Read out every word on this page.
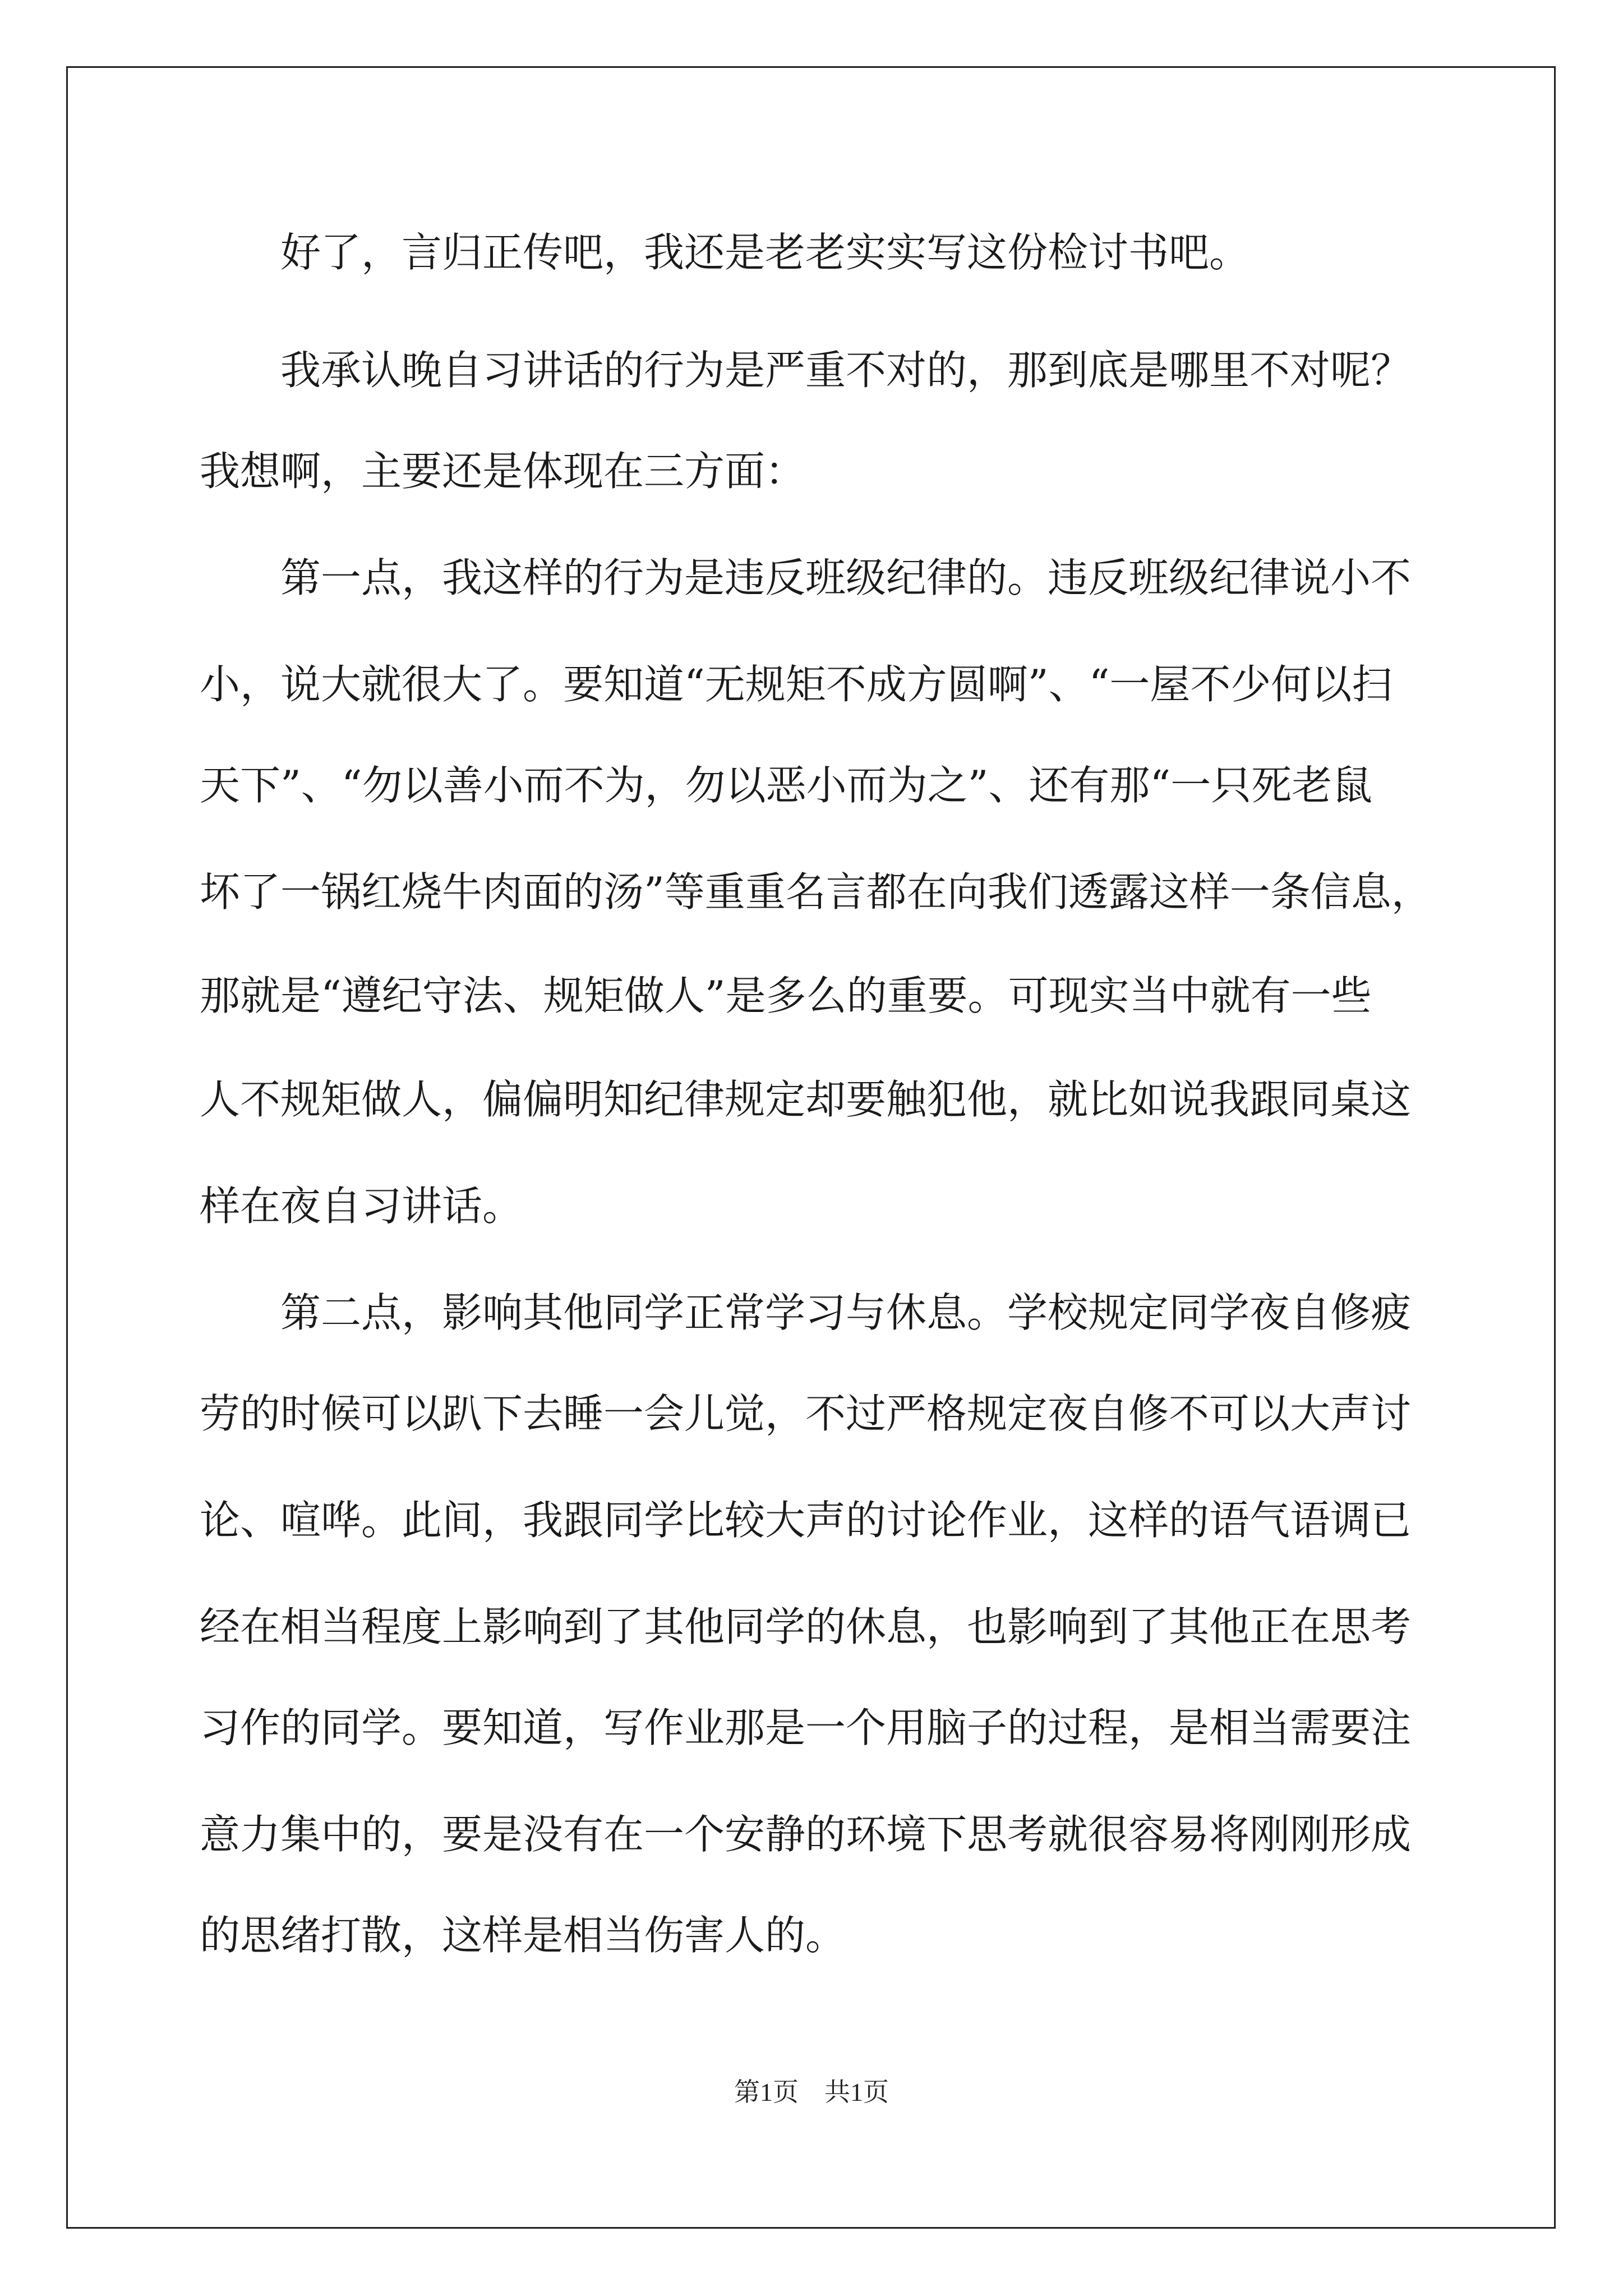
好了，言归正传吧，我还是老老实实写这份检讨书吧。
我承认晚自习讲话的行为是严重不对的，那到底是哪里不对呢？
我想啊，主要还是体现在三方面：
第一点，我这样的行为是违反班级纪律的。违反班级纪律说小不
小，说大就很大了。要知道“无规矩不成方圆啊”、“一屋不少何以扫
天下”、“勿以善小而不为，勿以恶小而为之”、还有那“一只死老鼠
坏了一锅红烧牛肉面的汤”等重重名言都在向我们透露这样一条信息，
那就是“遵纪守法、规矩做人”是多么的重要。可现实当中就有一些
人不规矩做人，偏偏明知纪律规定却要触犯他，就比如说我跟同桌这
样在夜自习讲话。
第二点，影响其他同学正常学习与休息。学校规定同学夜自修疲
劳的时候可以趴下去睡一会儿觉，不过严格规定夜自修不可以大声讨
论、喧哗。此间，我跟同学比较大声的讨论作业，这样的语气语调已
经在相当程度上影响到了其他同学的休息，也影响到了其他正在思考
习作的同学。要知道，写作业那是一个用脑子的过程，是相当需要注
意力集中的，要是没有在一个安静的环境下思考就很容易将刚刚形成
的思绪打散，这样是相当伤害人的。
第1页　共1页
